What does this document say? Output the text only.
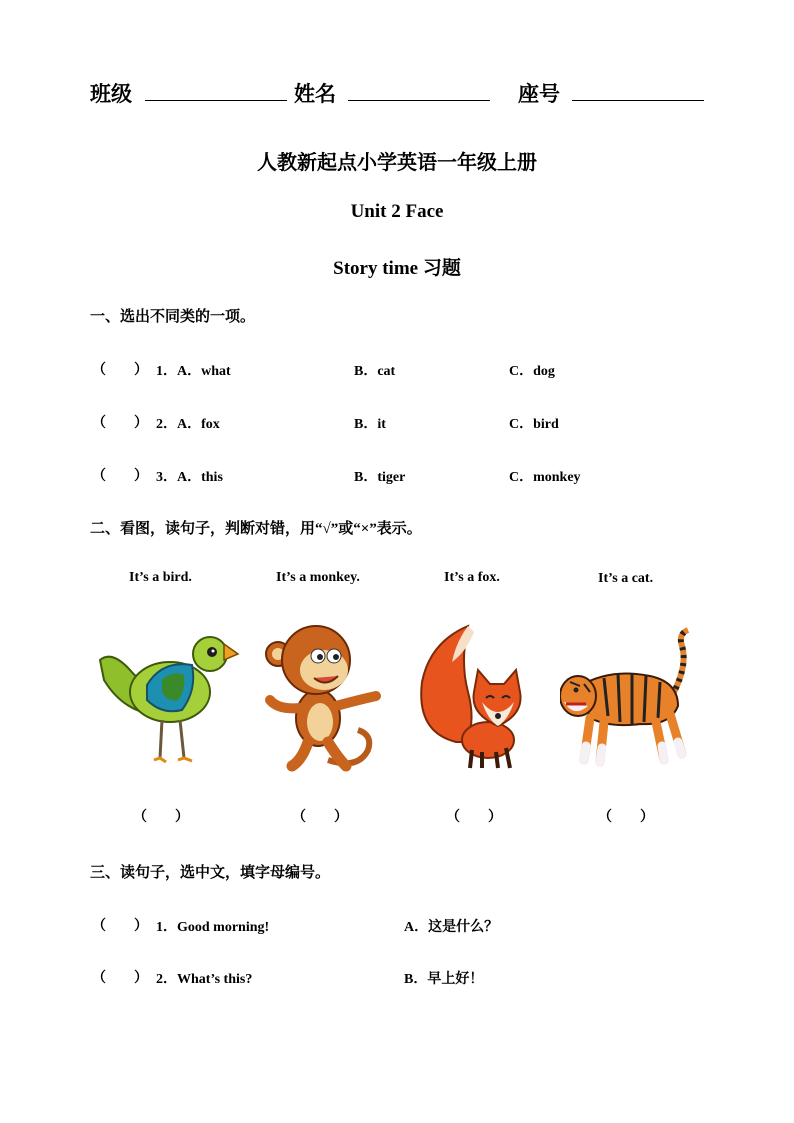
班级	姓名	座号
人教新起点小学英语一年级上册
Unit 2 Face
Story time 习题
一、选出不同类的一项。
（　　） 1．A．what	B．cat	C．dog
（　　） 2．A．fox	B．it	C．bird
（　　） 3．A．this	B．tiger	C．monkey
二、看图，读句子，判断对错，用“√”或“×”表示。
It’s a bird.	It’s a monkey.	It’s a fox.	It’s a cat.
（　　）	（　　）	（　　）	（　　）
三、读句子，选中文，填字母编号。
（　　） 1．Good morning!	A．这是什么？
（　　） 2．What’s this?	B．早上好！
